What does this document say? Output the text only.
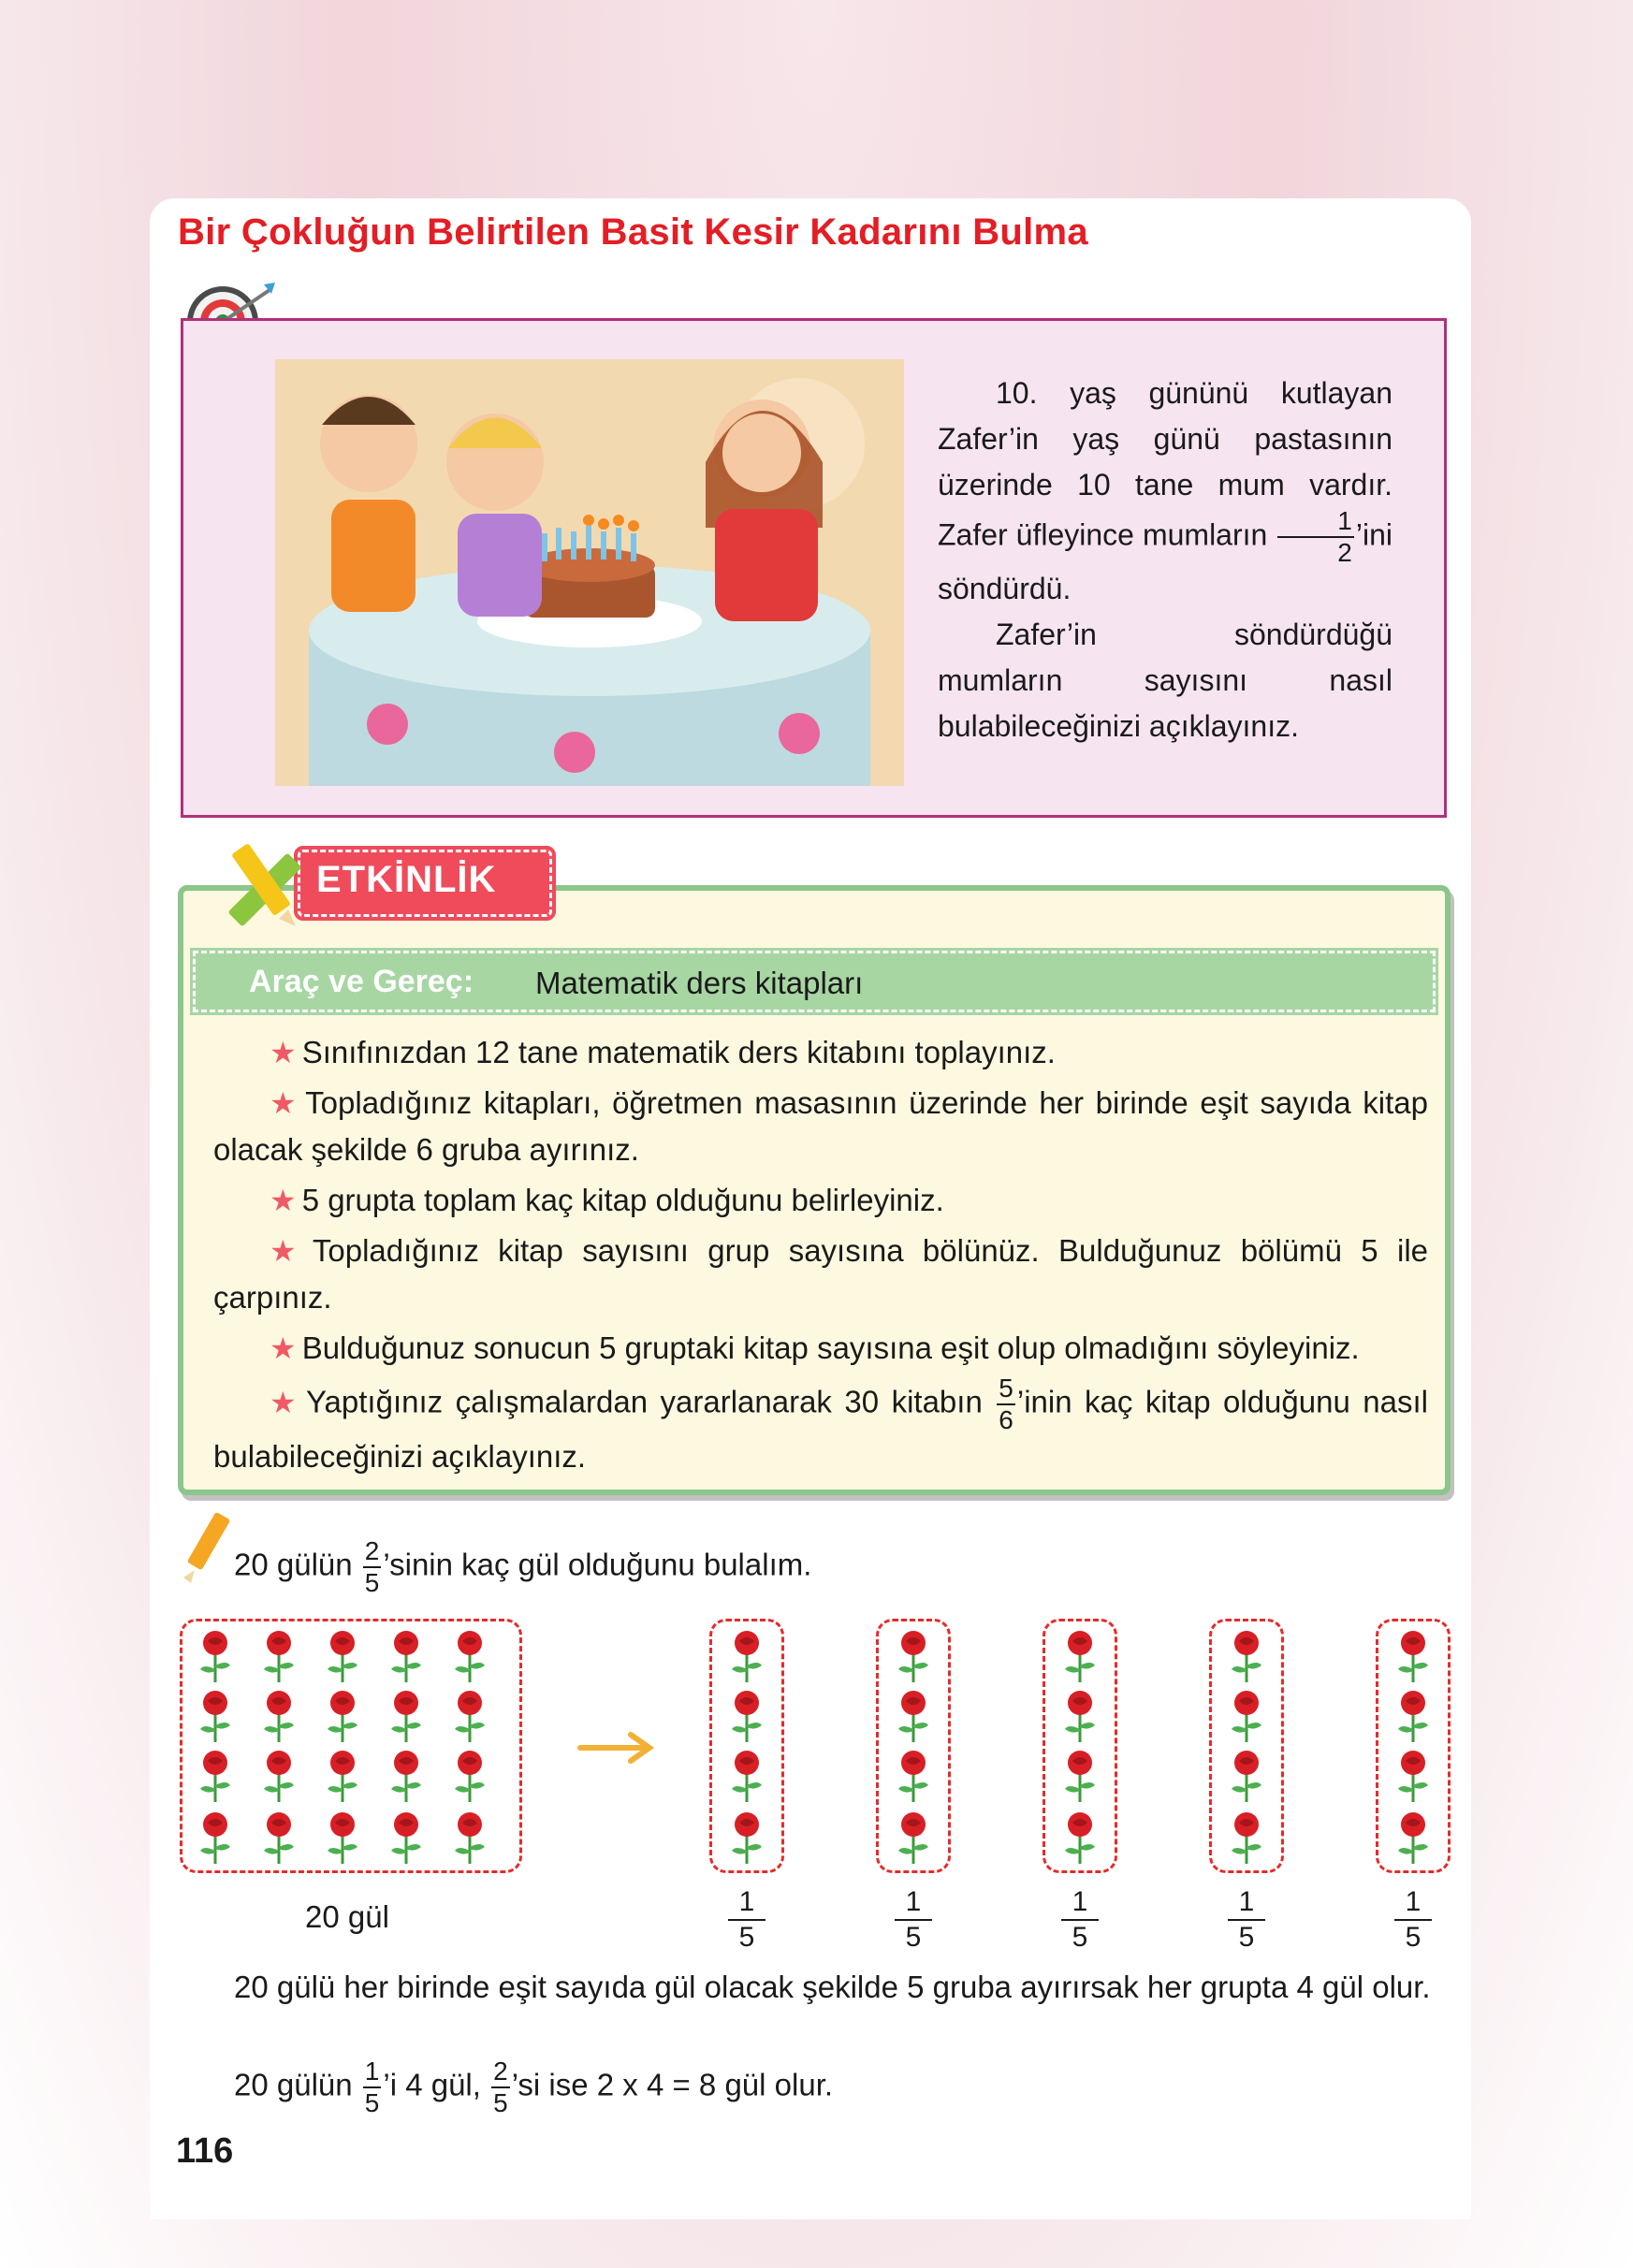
Bir Çokluğun Belirtilen Basit Kesir Kadarını Bulma

10. yaş gününü kutlayan Zafer’in yaş günü pastasının üzerinde 10 tane mum vardır. Zafer üfleyince mumların $\frac{1}{2}$ ’ini söndürdü.

Zafer’in söndürdüğü mumların sayısını nasıl bulabileceğinizi açıklayınız.

ETKİNLİK
Araç ve Gereç: Matematik ders kitapları

★ Sınıfınızdan 12 tane matematik ders kitabını toplayınız.

★ Topladığınız kitapları, öğretmen masasının üzerinde her birinde eşit sayıda kitap olacak şekilde 6 gruba ayırınız.

★ 5 grupta toplam kaç kitap olduğunu belirleyiniz.

★ Topladığınız kitap sayısını grup sayısına bölünüz. Bulduğunuz bölümü 5 ile çarpınız.

★ Bulduğunuz sonucun 5 gruptaki kitap sayısına eşit olup olmadığını söyleyiniz.

★ Yaptığınız çalışmalardan yararlanarak 30 kitabın $\frac{5}{6}$ ’inin kaç kitap olduğunu nasıl bulabileceğinizi açıklayınız.

20 gülün $\frac{2}{5}$ ’sinin kaç gül olduğunu bulalım.
20 gül	$\frac{1}{5}$	$\frac{1}{5}$	$\frac{1}{5}$	$\frac{1}{5}$	$\frac{1}{5}$

20 gülü her birinde eşit sayıda gül olacak şekilde 5 gruba ayırırsak her grupta 4 gül olur.

20 gülün $\frac{1}{5}$ ’i 4 gül, $\frac{2}{5}$ ’si ise 2 x 4 = 8 gül olur.
116
